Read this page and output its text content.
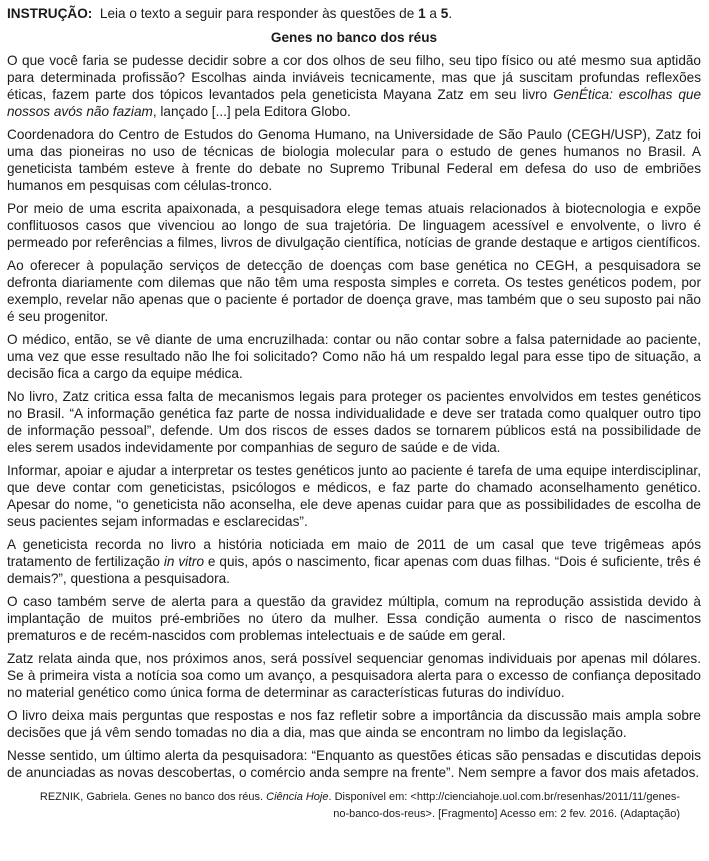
INSTRUÇÃO:  Leia o texto a seguir para responder às questões de 1 a 5.

Genes no banco dos réus

O que você faria se pudesse decidir sobre a cor dos olhos de seu filho, seu tipo físico ou até mesmo sua aptidão para determinada profissão? Escolhas ainda inviáveis tecnicamente, mas que já suscitam profundas reflexões éticas, fazem parte dos tópicos levantados pela geneticista Mayana Zatz em seu livro GenÉtica: escolhas que nossos avós não faziam, lançado [...] pela Editora Globo.

Coordenadora do Centro de Estudos do Genoma Humano, na Universidade de São Paulo (CEGH/USP), Zatz foi uma das pioneiras no uso de técnicas de biologia molecular para o estudo de genes humanos no Brasil. A geneticista também esteve à frente do debate no Supremo Tribunal Federal em defesa do uso de embriões humanos em pesquisas com células-tronco.

Por meio de uma escrita apaixonada, a pesquisadora elege temas atuais relacionados à biotecnologia e expõe conflituosos casos que vivenciou ao longo de sua trajetória. De linguagem acessível e envolvente, o livro é permeado por referências a filmes, livros de divulgação científica, notícias de grande destaque e artigos científicos.

Ao oferecer à população serviços de detecção de doenças com base genética no CEGH, a pesquisadora se defronta diariamente com dilemas que não têm uma resposta simples e correta. Os testes genéticos podem, por exemplo, revelar não apenas que o paciente é portador de doença grave, mas também que o seu suposto pai não é seu progenitor.

O médico, então, se vê diante de uma encruzilhada: contar ou não contar sobre a falsa paternidade ao paciente, uma vez que esse resultado não lhe foi solicitado? Como não há um respaldo legal para esse tipo de situação, a decisão fica a cargo da equipe médica.

No livro, Zatz critica essa falta de mecanismos legais para proteger os pacientes envolvidos em testes genéticos no Brasil. “A informação genética faz parte de nossa individualidade e deve ser tratada como qualquer outro tipo de informação pessoal”, defende. Um dos riscos de esses dados se tornarem públicos está na possibilidade de eles serem usados indevidamente por companhias de seguro de saúde e de vida.

Informar, apoiar e ajudar a interpretar os testes genéticos junto ao paciente é tarefa de uma equipe interdisciplinar, que deve contar com geneticistas, psicólogos e médicos, e faz parte do chamado aconselhamento genético. Apesar do nome, “o geneticista não aconselha, ele deve apenas cuidar para que as possibilidades de escolha de seus pacientes sejam informadas e esclarecidas”.

A geneticista recorda no livro a história noticiada em maio de 2011 de um casal que teve trigêmeas após tratamento de fertilização in vitro e quis, após o nascimento, ficar apenas com duas filhas. “Dois é suficiente, três é demais?”, questiona a pesquisadora.

O caso também serve de alerta para a questão da gravidez múltipla, comum na reprodução assistida devido à implantação de muitos pré-embriões no útero da mulher. Essa condição aumenta o risco de nascimentos prematuros e de recém-nascidos com problemas intelectuais e de saúde em geral.

Zatz relata ainda que, nos próximos anos, será possível sequenciar genomas individuais por apenas mil dólares. Se à primeira vista a notícia soa como um avanço, a pesquisadora alerta para o excesso de confiança depositado no material genético como única forma de determinar as características futuras do indivíduo.

O livro deixa mais perguntas que respostas e nos faz refletir sobre a importância da discussão mais ampla sobre decisões que já vêm sendo tomadas no dia a dia, mas que ainda se encontram no limbo da legislação.

Nesse sentido, um último alerta da pesquisadora: “Enquanto as questões éticas são pensadas e discutidas depois de anunciadas as novas descobertas, o comércio anda sempre na frente”. Nem sempre a favor dos mais afetados.

REZNIK, Gabriela. Genes no banco dos réus. Ciência Hoje. Disponível em: <http://cienciahoje.uol.com.br/resenhas/2011/11/genes-no-banco-dos-reus>. [Fragmento] Acesso em: 2 fev. 2016. (Adaptação)
